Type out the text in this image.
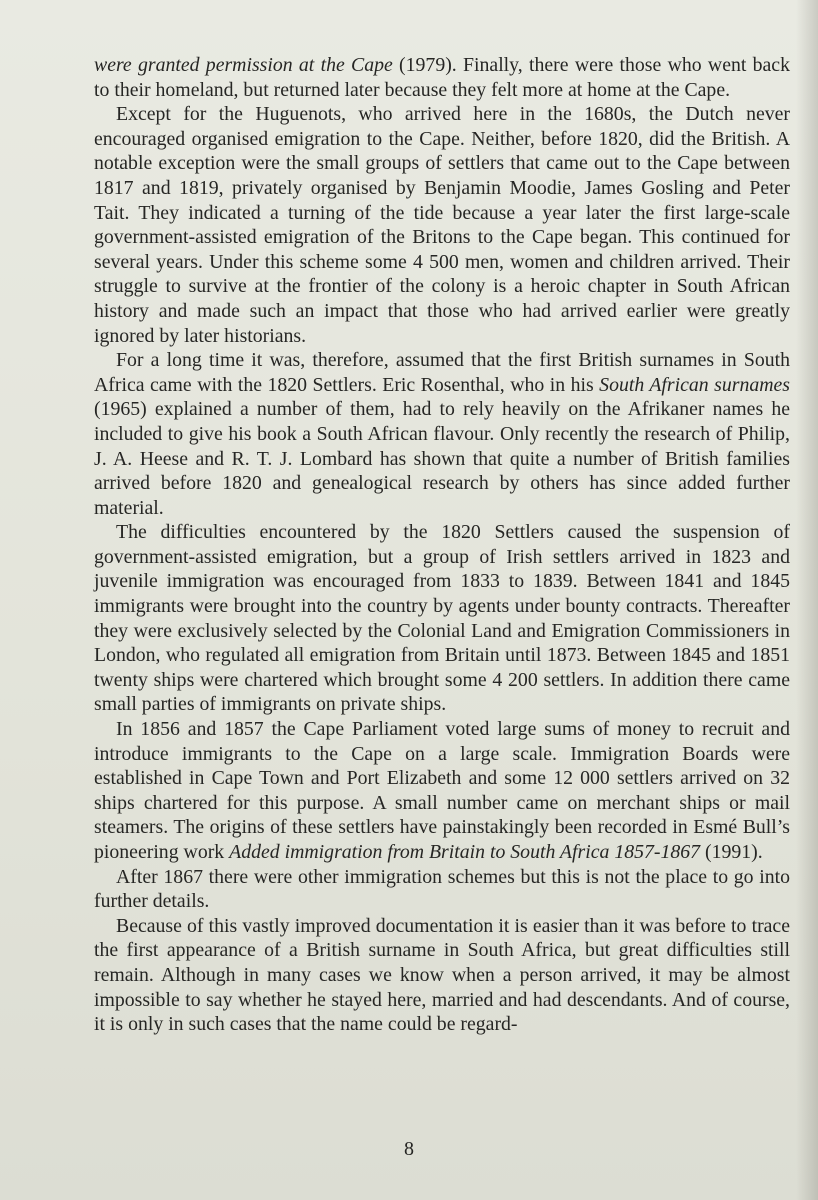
were granted permission at the Cape (1979). Finally, there were those who went back to their homeland, but returned later because they felt more at home at the Cape.

Except for the Huguenots, who arrived here in the 1680s, the Dutch never encouraged organised emigration to the Cape. Neither, before 1820, did the British. A notable exception were the small groups of settlers that came out to the Cape between 1817 and 1819, privately organised by Benjamin Moodie, James Gosling and Peter Tait. They indicated a turning of the tide because a year later the first large-scale government-assisted emigration of the Britons to the Cape began. This continued for several years. Under this scheme some 4 500 men, women and children arrived. Their struggle to survive at the frontier of the colony is a heroic chapter in South African history and made such an impact that those who had arrived earlier were greatly ignored by later historians.

For a long time it was, therefore, assumed that the first British surnames in South Africa came with the 1820 Settlers. Eric Rosenthal, who in his South African surnames (1965) explained a number of them, had to rely heavily on the Afrikaner names he included to give his book a South African flavour. Only recently the research of Philip, J. A. Heese and R. T. J. Lombard has shown that quite a number of British families arrived before 1820 and genealogical research by others has since added further material.

The difficulties encountered by the 1820 Settlers caused the suspension of government-assisted emigration, but a group of Irish settlers arrived in 1823 and juvenile immigration was encouraged from 1833 to 1839. Between 1841 and 1845 immigrants were brought into the country by agents under bounty contracts. Thereafter they were exclusively selected by the Colonial Land and Emigration Commissioners in London, who regulated all emigration from Britain until 1873. Between 1845 and 1851 twenty ships were chartered which brought some 4 200 settlers. In addition there came small parties of immigrants on private ships.

In 1856 and 1857 the Cape Parliament voted large sums of money to recruit and introduce immigrants to the Cape on a large scale. Immigration Boards were established in Cape Town and Port Elizabeth and some 12 000 settlers arrived on 32 ships chartered for this purpose. A small number came on merchant ships or mail steamers. The origins of these settlers have painstakingly been recorded in Esmé Bull’s pioneering work Added immigration from Britain to South Africa 1857-1867 (1991).

After 1867 there were other immigration schemes but this is not the place to go into further details.

Because of this vastly improved documentation it is easier than it was before to trace the first appearance of a British surname in South Africa, but great difficulties still remain. Although in many cases we know when a person arrived, it may be almost impossible to say whether he stayed here, married and had descendants. And of course, it is only in such cases that the name could be regard-

8
